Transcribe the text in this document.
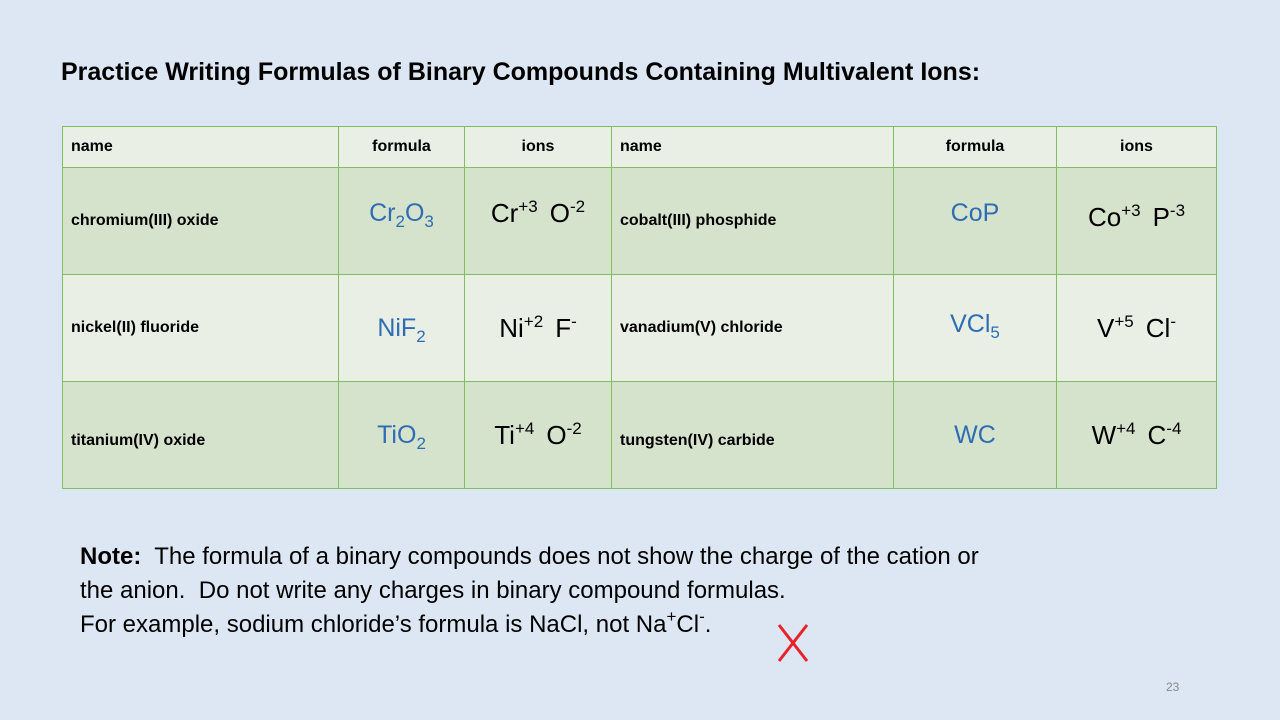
Practice Writing Formulas of Binary Compounds Containing Multivalent Ions:
name	formula	ions	name	formula	ions
chromium(III) oxide	$Cr_2O_3$	$Cr^{+3}$ $O^{-2}$	cobalt(III) phosphide	CoP	$Co^{+3}$ $P^{-3}$
nickel(II) fluoride	NiF$_2$	$Ni^{+2}$ F-	vanadium(V) chloride	VCl$_5$	$V^{+5}$ Cl-
titanium(IV) oxide	TiO$_2$	$Ti^{+4}$ $O^{-2}$	tungsten(IV) carbide	WC	$W^{+4}$ $C^{-4}$
Note:  The formula of a binary compounds does not show the charge of the cation or
the anion.  Do not write any charges in binary compound formulas.
For example, sodium chloride’s formula is NaCl, not Na+Cl-.
23
